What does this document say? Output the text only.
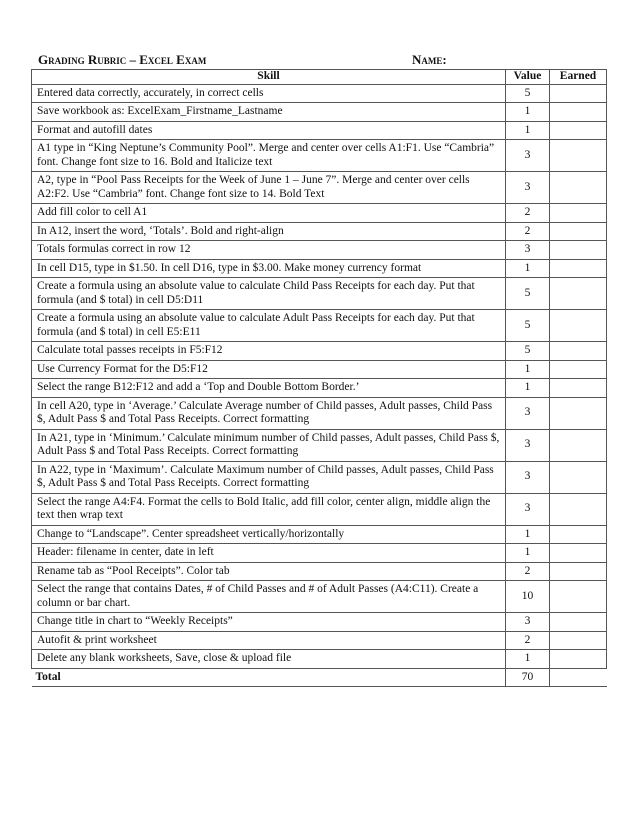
Grading Rubric – Excel Exam	Name:
Skill	Value	Earned
Entered data correctly, accurately, in correct cells	5	
Save workbook as: ExcelExam_Firstname_Lastname	1	
Format and autofill dates	1	
A1 type in “King Neptune’s Community Pool”. Merge and center over cells A1:F1. Use “Cambria” font. Change font size to 16. Bold and Italicize text	3	
A2, type in “Pool Pass Receipts for the Week of June 1 – June 7”. Merge and center over cells A2:F2. Use “Cambria” font. Change font size to 14. Bold Text	3	
Add fill color to cell A1	2	
In A12, insert the word, ‘Totals’. Bold and right-align	2	
Totals formulas correct in row 12	3	
In cell D15, type in $1.50. In cell D16, type in $3.00. Make money currency format	1	
Create a formula using an absolute value to calculate Child Pass Receipts for each day. Put that formula (and $ total) in cell D5:D11	5	
Create a formula using an absolute value to calculate Adult Pass Receipts for each day. Put that formula (and $ total) in cell E5:E11	5	
Calculate total passes receipts in F5:F12	5	
Use Currency Format for the D5:F12	1	
Select the range B12:F12 and add a ‘Top and Double Bottom Border.’	1	
In cell A20, type in ‘Average.’ Calculate Average number of Child passes, Adult passes, Child Pass $, Adult Pass $ and Total Pass Receipts. Correct formatting	3	
In A21, type in ‘Minimum.’ Calculate minimum number of Child passes, Adult passes, Child Pass $, Adult Pass $ and Total Pass Receipts. Correct formatting	3	
In A22, type in ‘Maximum’. Calculate Maximum number of Child passes, Adult passes, Child Pass $, Adult Pass $ and Total Pass Receipts. Correct formatting	3	
Select the range A4:F4. Format the cells to Bold Italic, add fill color, center align, middle align the text then wrap text	3	
Change to “Landscape”. Center spreadsheet vertically/horizontally	1	
Header: filename in center, date in left	1	
Rename tab as “Pool Receipts”. Color tab	2	
Select the range that contains Dates, # of Child Passes and # of Adult Passes (A4:C11). Create a column or bar chart.	10	
Change title in chart to “Weekly Receipts”	3	
Autofit & print worksheet	2	
Delete any blank worksheets, Save, close & upload file	1	
Total	70	
